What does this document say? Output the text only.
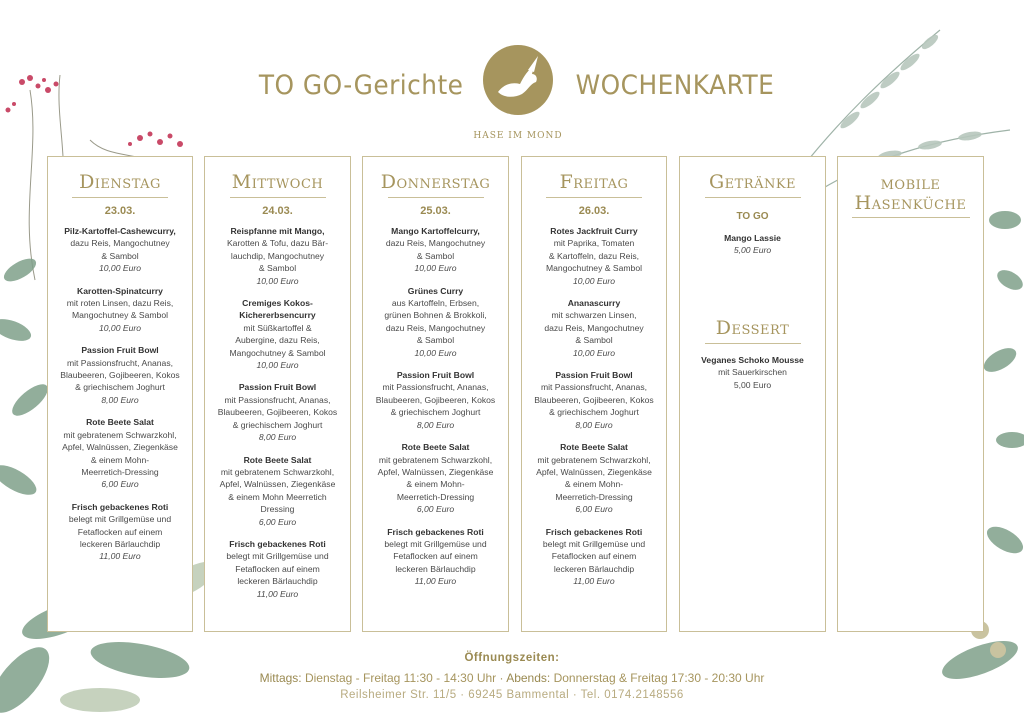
TO GO-Gerichte	WOCHENKARTE
HASE IM MOND
Dienstag
23.03.
Pilz-Kartoffel-Cashewcurry,
dazu Reis, Mangochutney
& Sambol
10,00 Euro
Karotten-Spinatcurry
mit roten Linsen, dazu Reis,
Mangochutney & Sambol
10,00 Euro
Passion Fruit Bowl
mit Passionsfrucht, Ananas,
Blaubeeren, Gojibeeren, Kokos
& griechischem Joghurt
8,00 Euro
Rote Beete Salat
mit gebratenem Schwarzkohl,
Apfel, Walnüssen, Ziegenkäse
& einem Mohn-
Meerretich-Dressing
6,00 Euro
Frisch gebackenes Roti
belegt mit Grillgemüse und
Fetaflocken auf einem
leckeren Bärlauchdip
11,00 Euro
Mittwoch
24.03.
Reispfanne mit Mango,
Karotten & Tofu, dazu Bär-
lauchdip, Mangochutney
& Sambol
10,00 Euro
Cremiges Kokos-
Kichererbsencurry
mit Süßkartoffel &
Aubergine, dazu Reis,
Mangochutney & Sambol
10,00 Euro
Passion Fruit Bowl
mit Passionsfrucht, Ananas,
Blaubeeren, Gojibeeren, Kokos
& griechischem Joghurt
8,00 Euro
Rote Beete Salat
mit gebratenem Schwarzkohl,
Apfel, Walnüssen, Ziegenkäse
& einem Mohn Meerretich
Dressing
6,00 Euro
Frisch gebackenes Roti
belegt mit Grillgemüse und
Fetaflocken auf einem
leckeren Bärlauchdip
11,00 Euro
Donnerstag
25.03.
Mango Kartoffelcurry,
dazu Reis, Mangochutney
& Sambol
10,00 Euro
Grünes Curry
aus Kartoffeln, Erbsen,
grünen Bohnen & Brokkoli,
dazu Reis, Mangochutney
& Sambol
10,00 Euro
Passion Fruit Bowl
mit Passionsfrucht, Ananas,
Blaubeeren, Gojibeeren, Kokos
& griechischem Joghurt
8,00 Euro
Rote Beete Salat
mit gebratenem Schwarzkohl,
Apfel, Walnüssen, Ziegenkäse
& einem Mohn-
Meerretich-Dressing
6,00 Euro
Frisch gebackenes Roti
belegt mit Grillgemüse und
Fetaflocken auf einem
leckeren Bärlauchdip
11,00 Euro
Freitag
26.03.
Rotes Jackfruit Curry
mit Paprika, Tomaten
& Kartoffeln, dazu Reis,
Mangochutney & Sambol
10,00 Euro
Ananascurry
mit schwarzen Linsen,
dazu Reis, Mangochutney
& Sambol
10,00 Euro
Passion Fruit Bowl
mit Passionsfrucht, Ananas,
Blaubeeren, Gojibeeren, Kokos
& griechischem Joghurt
8,00 Euro
Rote Beete Salat
mit gebratenem Schwarzkohl,
Apfel, Walnüssen, Ziegenkäse
& einem Mohn-
Meerretich-Dressing
6,00 Euro
Frisch gebackenes Roti
belegt mit Grillgemüse und
Fetaflocken auf einem
leckeren Bärlauchdip
11,00 Euro
Getränke
TO GO
Mango Lassie
5,00 Euro
Dessert
Veganes Schoko Mousse
mit Sauerkirschen
5,00 Euro
mobile
Hasenküche
Öffnungszeiten:
Mittags: Dienstag - Freitag 11:30 - 14:30 Uhr · Abends: Donnerstag & Freitag 17:30 - 20:30 Uhr
Reilsheimer Str. 11/5 · 69245 Bammental · Tel. 0174.2148556
